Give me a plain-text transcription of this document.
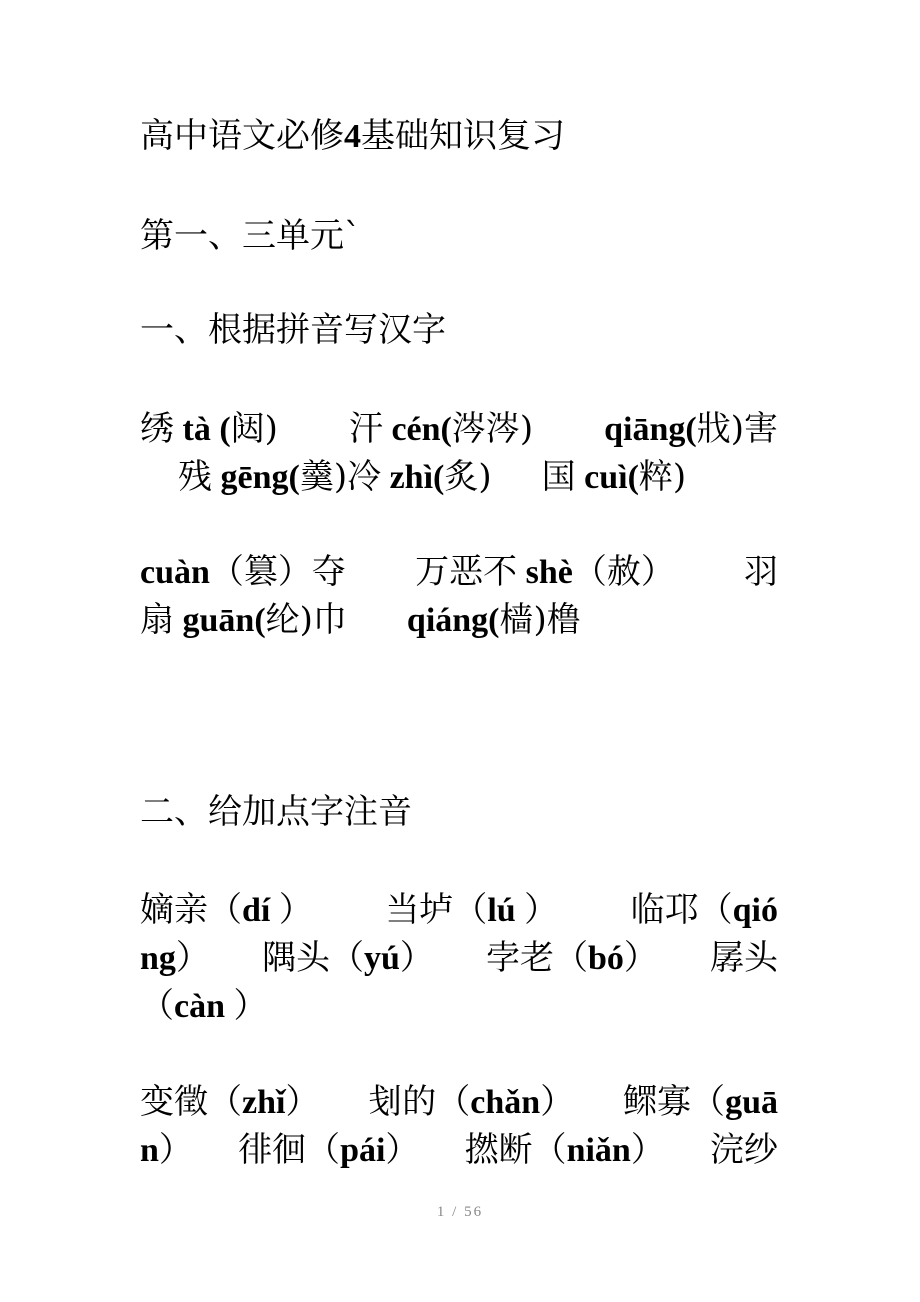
高中语文必修4基础知识复习
第一、三单元`
一、根据拼音写汉字
绣 tà (闼) 汗 cén(涔涔) qiāng(戕)害
残 gēng(羹)冷 zhì(炙) 国 cuì(粹)
cuàn（篡）夺 万恶不 shè（赦） 羽
扇 guān(纶)巾 qiáng(樯)橹
二、给加点字注音
嫡亲（dí ） 当垆（lú ） 临邛（qió
ng） 隅头（yú） 孛老（bó） 孱头
（càn ）
变徵（zhǐ） 刬的（chǎn） 鳏寡（guā
n） 徘徊（pái） 撚断（niǎn） 浣纱
1 / 56
